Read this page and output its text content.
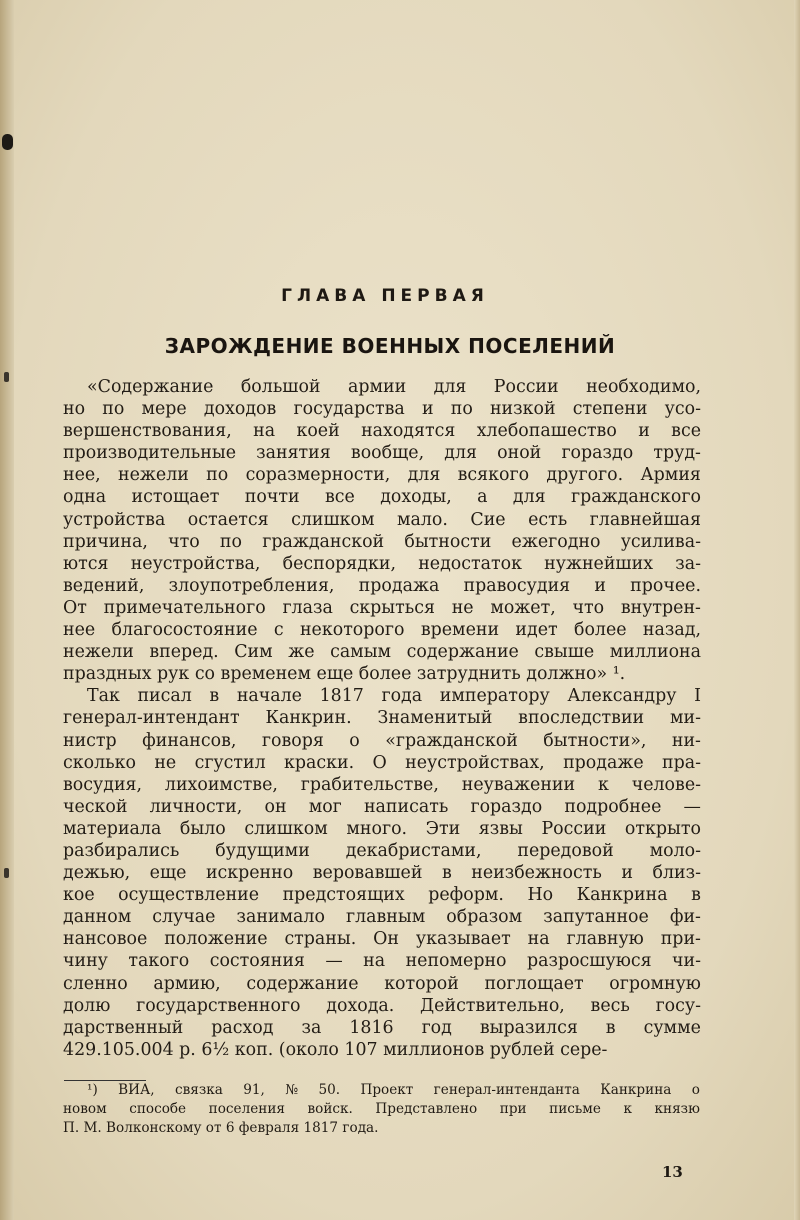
ГЛАВА ПЕРВАЯ
ЗАРОЖДЕНИЕ ВОЕННЫХ ПОСЕЛЕНИЙ
«Содержание большой армии для России необходимо,
но по мере доходов государства и по низкой степени усо-
вершенствования, на коей находятся хлебопашество и все
производительные занятия вообще, для оной гораздо труд-
нее, нежели по соразмерности, для всякого другого. Армия
одна истощает почти все доходы, а для гражданского
устройства остается слишком мало. Сие есть главнейшая
причина, что по гражданской бытности ежегодно усилива-
ются неустройства, беспорядки, недостаток нужнейших за-
ведений, злоупотребления, продажа правосудия и прочее.
От примечательного глаза скрыться не может, что внутрен-
нее благосостояние с некоторого времени идет более назад,
нежели вперед. Сим же самым содержание свыше миллиона
праздных рук со временем еще более затруднить должно» ¹.
Так писал в начале 1817 года императору Александру I
генерал-интендант Канкрин. Знаменитый впоследствии ми-
нистр финансов, говоря о «гражданской бытности», ни-
сколько не сгустил краски. О неустройствах, продаже пра-
восудия, лихоимстве, грабительстве, неуважении к челове-
ческой личности, он мог написать гораздо подробнее —
материала было слишком много. Эти язвы России открыто
разбирались будущими декабристами, передовой моло-
дежью, еще искренно веровавшей в неизбежность и близ-
кое осуществление предстоящих реформ. Но Канкрина в
данном случае занимало главным образом запутанное фи-
нансовое положение страны. Он указывает на главную при-
чину такого состояния — на непомерно разросшуюся чи-
сленно армию, содержание которой поглощает огромную
долю государственного дохода. Действительно, весь госу-
дарственный расход за 1816 год выразился в сумме
429.105.004 р. 6½ коп. (около 107 миллионов рублей сере-
¹) ВИА, связка 91, № 50. Проект генерал-интенданта Канкрина о
новом способе поселения войск. Представлено при письме к князю
П. М. Волконскому от 6 февраля 1817 года.
13
